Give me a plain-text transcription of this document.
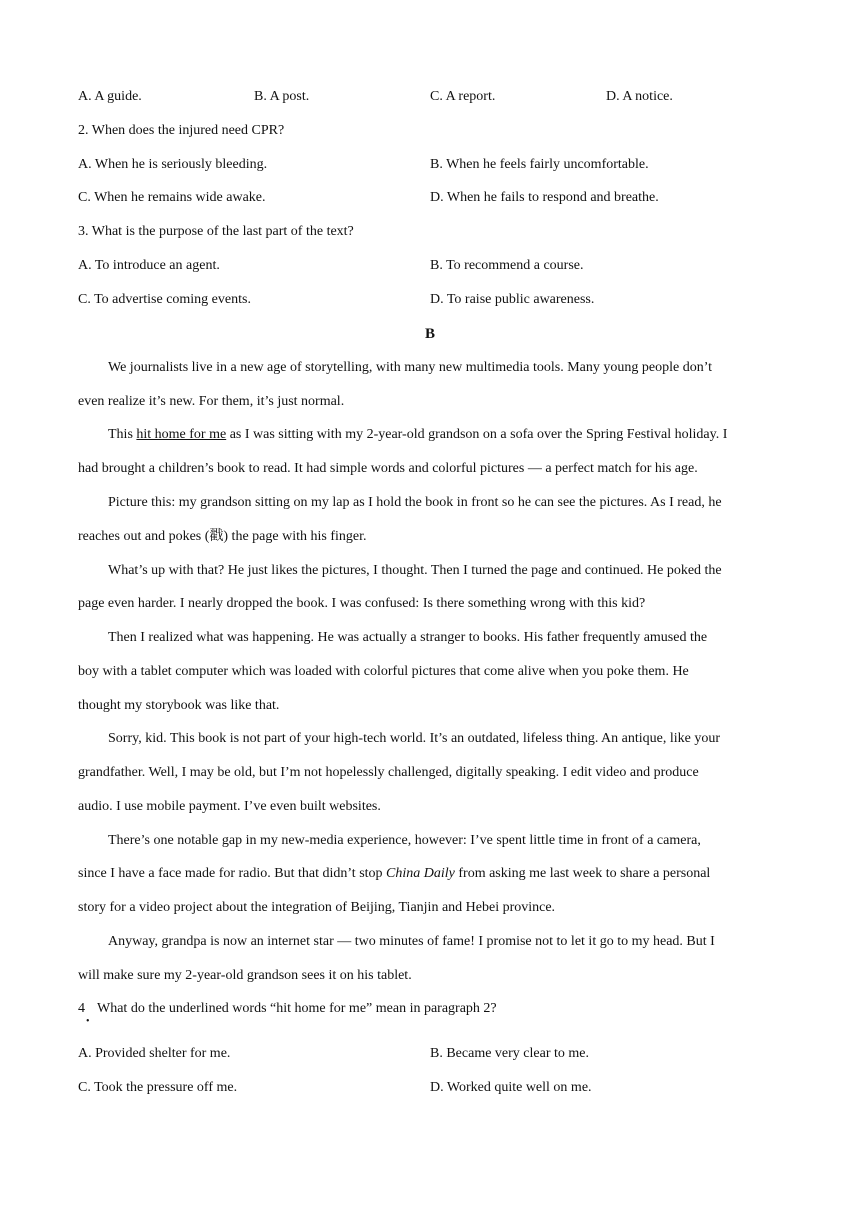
A. A guide.	B. A post.	C. A report.	D. A notice.
2. When does the injured need CPR?
A. When he is seriously bleeding.	B. When he feels fairly uncomfortable.
C. When he remains wide awake.	D. When he fails to respond and breathe.
3. What is the purpose of the last part of the text?
A. To introduce an agent.	B. To recommend a course.
C. To advertise coming events.	D. To raise public awareness.
B
We journalists live in a new age of storytelling, with many new multimedia tools. Many young people don’t
even realize it’s new. For them, it’s just normal.
This hit home for me as I was sitting with my 2-year-old grandson on a sofa over the Spring Festival holiday. I
had brought a children’s book to read. It had simple words and colorful pictures — a perfect match for his age.
Picture this: my grandson sitting on my lap as I hold the book in front so he can see the pictures. As I read, he
reaches out and pokes (戳) the page with his finger.
What’s up with that? He just likes the pictures, I thought. Then I turned the page and continued. He poked the
page even harder. I nearly dropped the book. I was confused: Is there something wrong with this kid?
Then I realized what was happening. He was actually a stranger to books. His father frequently amused the
boy with a tablet computer which was loaded with colorful pictures that come alive when you poke them. He
thought my storybook was like that.
Sorry, kid. This book is not part of your high-tech world. It’s an outdated, lifeless thing. An antique, like your
grandfather. Well, I may be old, but I’m not hopelessly challenged, digitally speaking. I edit video and produce
audio. I use mobile payment. I’ve even built websites.
There’s one notable gap in my new-media experience, however: I’ve spent little time in front of a camera,
since I have a face made for radio. But that didn’t stop China Daily from asking me last week to share a personal
story for a video project about the integration of Beijing, Tianjin and Hebei province.
Anyway, grandpa is now an internet star — two minutes of fame! I promise not to let it go to my head. But I
will make sure my 2-year-old grandson sees it on his tablet.
4 What do the underlined words “hit home for me” mean in paragraph 2?
•
A. Provided shelter for me.	B. Became very clear to me.
C. Took the pressure off me.	D. Worked quite well on me.
